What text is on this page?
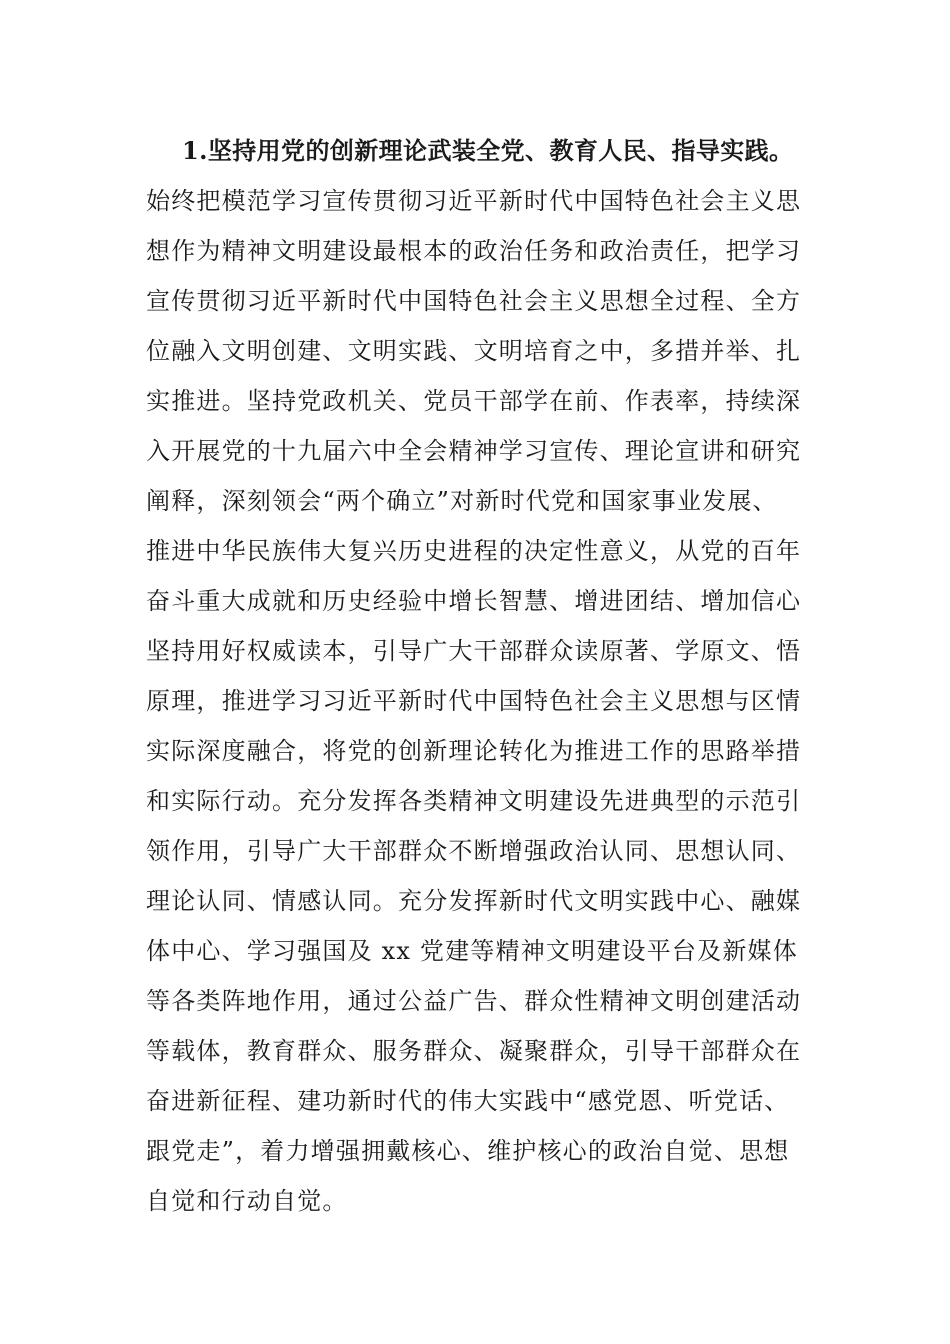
1.坚持用党的创新理论武装全党、教育人民、指导实践。
始终把模范学习宣传贯彻习近平新时代中国特色社会主义思
想作为精神文明建设最根本的政治任务和政治责任，把学习
宣传贯彻习近平新时代中国特色社会主义思想全过程、全方
位融入文明创建、文明实践、文明培育之中，多措并举、扎
实推进。坚持党政机关、党员干部学在前、作表率，持续深
入开展党的十九届六中全会精神学习宣传、理论宣讲和研究
阐释，深刻领会“两个确立”对新时代党和国家事业发展、
推进中华民族伟大复兴历史进程的决定性意义，从党的百年
奋斗重大成就和历史经验中增长智慧、增进团结、增加信心
坚持用好权威读本，引导广大干部群众读原著、学原文、悟
原理，推进学习习近平新时代中国特色社会主义思想与区情
实际深度融合，将党的创新理论转化为推进工作的思路举措
和实际行动。充分发挥各类精神文明建设先进典型的示范引
领作用，引导广大干部群众不断增强政治认同、思想认同、
理论认同、情感认同。充分发挥新时代文明实践中心、融媒
体中心、学习强国及 xx 党建等精神文明建设平台及新媒体
等各类阵地作用，通过公益广告、群众性精神文明创建活动
等载体，教育群众、服务群众、凝聚群众，引导干部群众在
奋进新征程、建功新时代的伟大实践中“感党恩、听党话、
跟党走”，着力增强拥戴核心、维护核心的政治自觉、思想
自觉和行动自觉。
